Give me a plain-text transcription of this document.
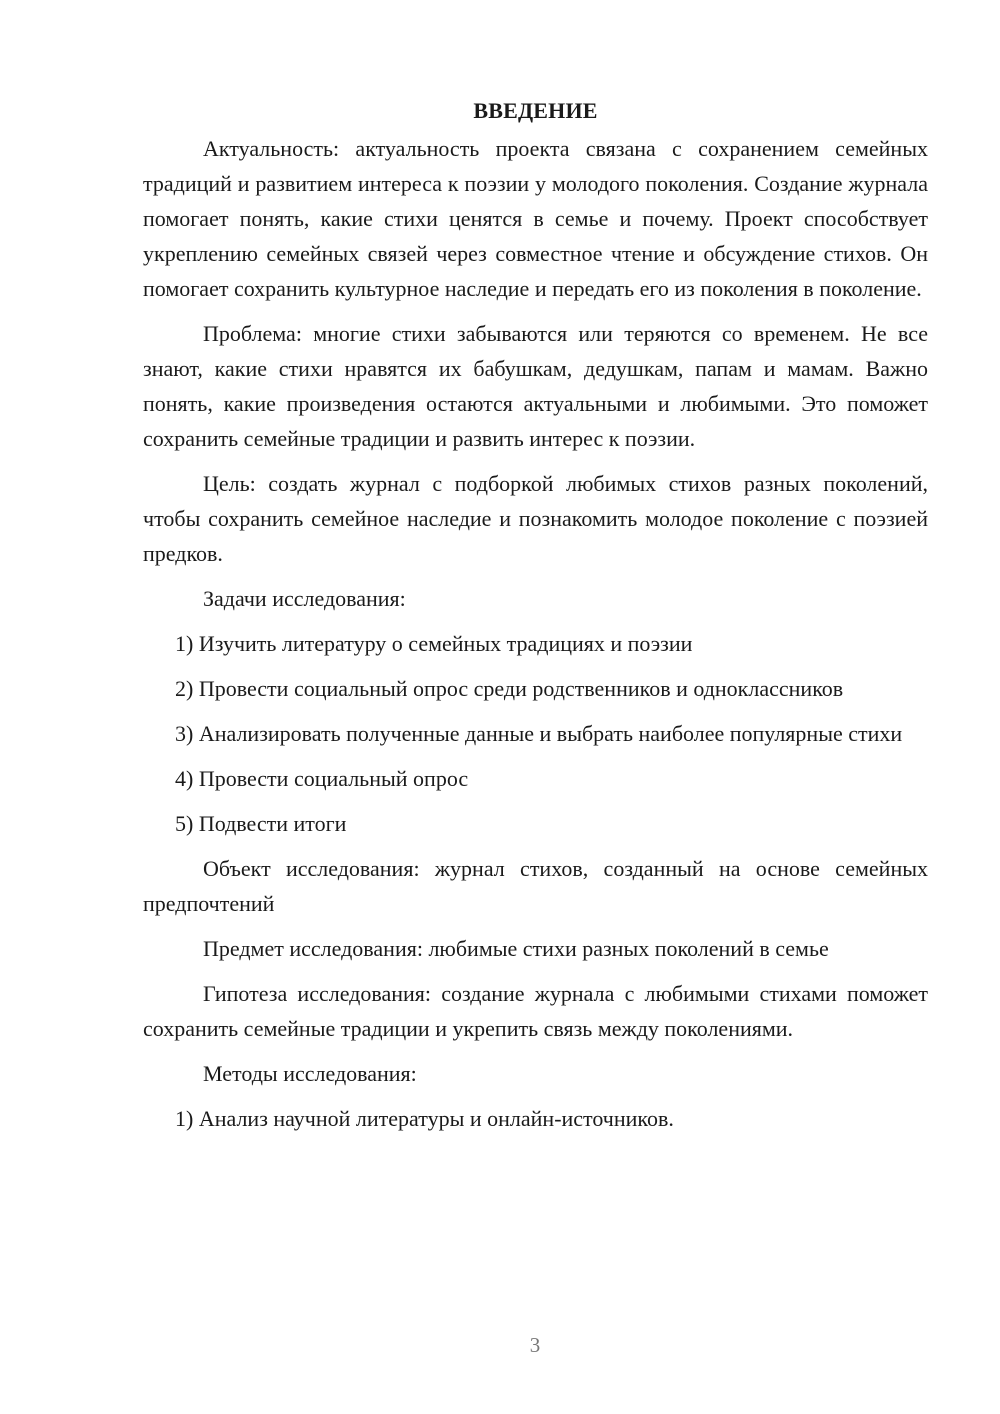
ВВЕДЕНИЕ

Актуальность: актуальность проекта связана с сохранением семейных традиций и развитием интереса к поэзии у молодого поколения. Создание журнала помогает понять, какие стихи ценятся в семье и почему. Проект способствует укреплению семейных связей через совместное чтение и обсуждение стихов. Он помогает сохранить культурное наследие и передать его из поколения в поколение.

Проблема: многие стихи забываются или теряются со временем. Не все знают, какие стихи нравятся их бабушкам, дедушкам, папам и мамам. Важно понять, какие произведения остаются актуальными и любимыми. Это поможет сохранить семейные традиции и развить интерес к поэзии.

Цель: создать журнал с подборкой любимых стихов разных поколений, чтобы сохранить семейное наследие и познакомить молодое поколение с поэзией предков.

Задачи исследования:

1) Изучить литературу о семейных традициях и поэзии

2) Провести социальный опрос среди родственников и одноклассников

3) Анализировать полученные данные и выбрать наиболее популярные стихи

4) Провести социальный опрос

5) Подвести итоги

Объект исследования: журнал стихов, созданный на основе семейных предпочтений

Предмет исследования: любимые стихи разных поколений в семье

Гипотеза исследования: создание журнала с любимыми стихами поможет сохранить семейные традиции и укрепить связь между поколениями.

Методы исследования:

1) Анализ научной литературы и онлайн-источников.

3
